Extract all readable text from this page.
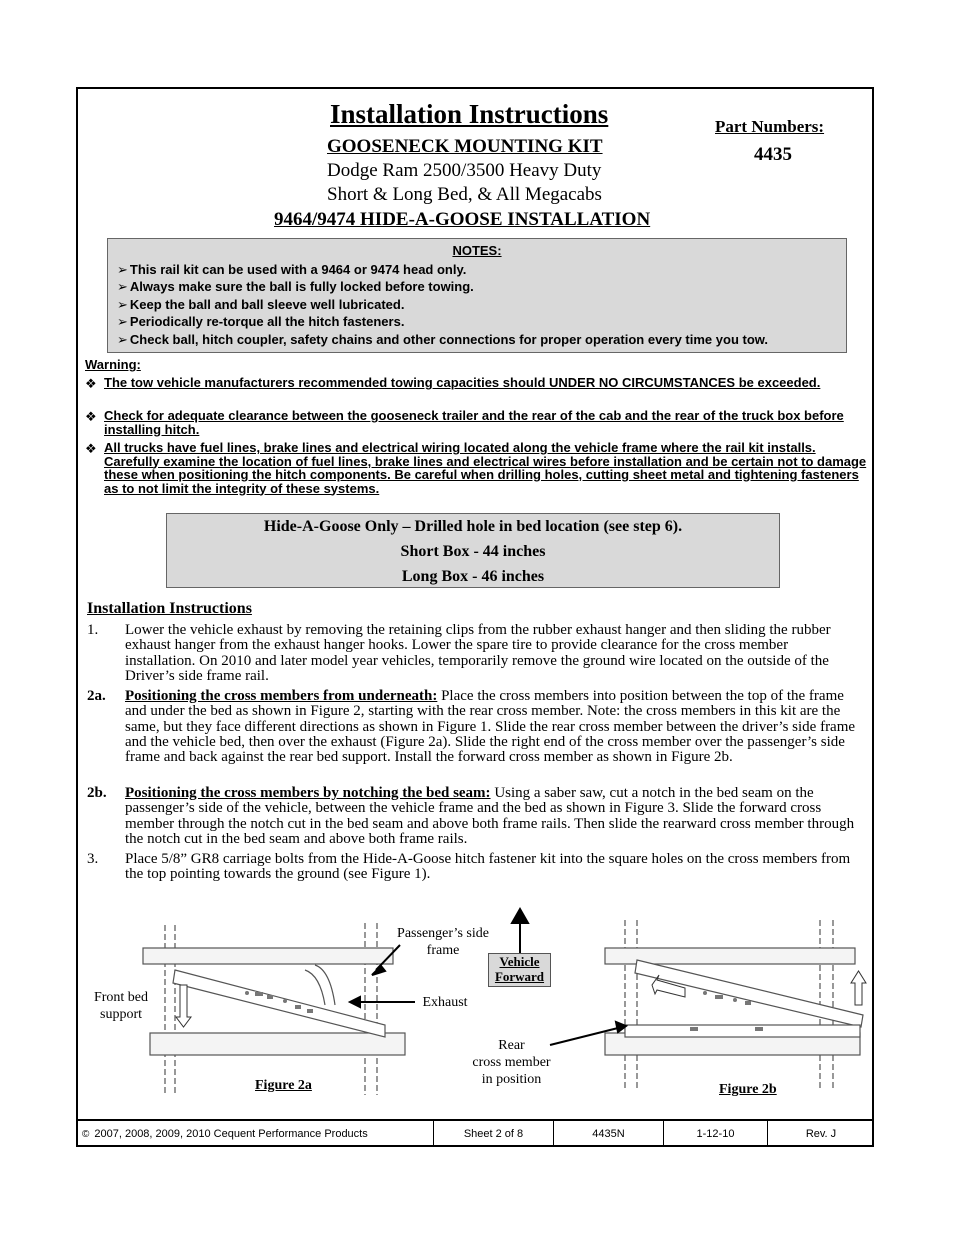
Installation Instructions
GOOSENECK MOUNTING KIT
Dodge Ram 2500/3500 Heavy Duty
Short & Long Bed, & All Megacabs
9464/9474 HIDE-A-GOOSE INSTALLATION
Part Numbers:
4435
NOTES:
➢ This rail kit can be used with a 9464 or 9474 head only.
➢ Always make sure the ball is fully locked before towing.
➢ Keep the ball and ball sleeve well lubricated.
➢ Periodically re-torque all the hitch fasteners.
➢ Check ball, hitch coupler, safety chains and other connections for proper operation every time you tow.
Warning:
❖ The tow vehicle manufacturers recommended towing capacities should UNDER NO CIRCUMSTANCES be exceeded.
❖ Check for adequate clearance between the gooseneck trailer and the rear of the cab and the rear of the truck box before installing hitch.
❖ All trucks have fuel lines, brake lines and electrical wiring located along the vehicle frame where the rail kit installs. Carefully examine the location of fuel lines, brake lines and electrical wires before installation and be certain not to damage these when positioning the hitch components. Be careful when drilling holes, cutting sheet metal and tightening fasteners as to not limit the integrity of these systems.
Hide-A-Goose Only – Drilled hole in bed location (see step 6).
Short Box - 44 inches
Long Box - 46 inches
Installation Instructions
1. Lower the vehicle exhaust by removing the retaining clips from the rubber exhaust hanger and then sliding the rubber exhaust hanger from the exhaust hanger hooks. Lower the spare tire to provide clearance for the cross member installation. On 2010 and later model year vehicles, temporarily remove the ground wire located on the outside of the Driver’s side frame rail.
2a. Positioning the cross members from underneath: Place the cross members into position between the top of the frame and under the bed as shown in Figure 2, starting with the rear cross member. Note: the cross members in this kit are the same, but they face different directions as shown in Figure 1. Slide the rear cross member between the driver’s side frame and the vehicle bed, then over the exhaust (Figure 2a). Slide the right end of the cross member over the passenger’s side frame and back against the rear bed support. Install the forward cross member as shown in Figure 2b.
2b. Positioning the cross members by notching the bed seam: Using a saber saw, cut a notch in the bed seam on the passenger’s side of the vehicle, between the vehicle frame and the bed as shown in Figure 3. Slide the forward cross member through the notch cut in the bed seam and above both frame rails. Then slide the rearward cross member through the notch cut in the bed seam and above both frame rails.
3. Place 5/8” GR8 carriage bolts from the Hide-A-Goose hitch fastener kit into the square holes on the cross members from the top pointing towards the ground (see Figure 1).
Passenger’s side
frame
Front bed
support
Exhaust
Vehicle
Forward
Rear
cross member
in position
Figure 2a	Figure 2b
© 2007, 2008, 2009, 2010 Cequent Performance Products	Sheet 2 of 8	4435N	1-12-10	Rev. J
